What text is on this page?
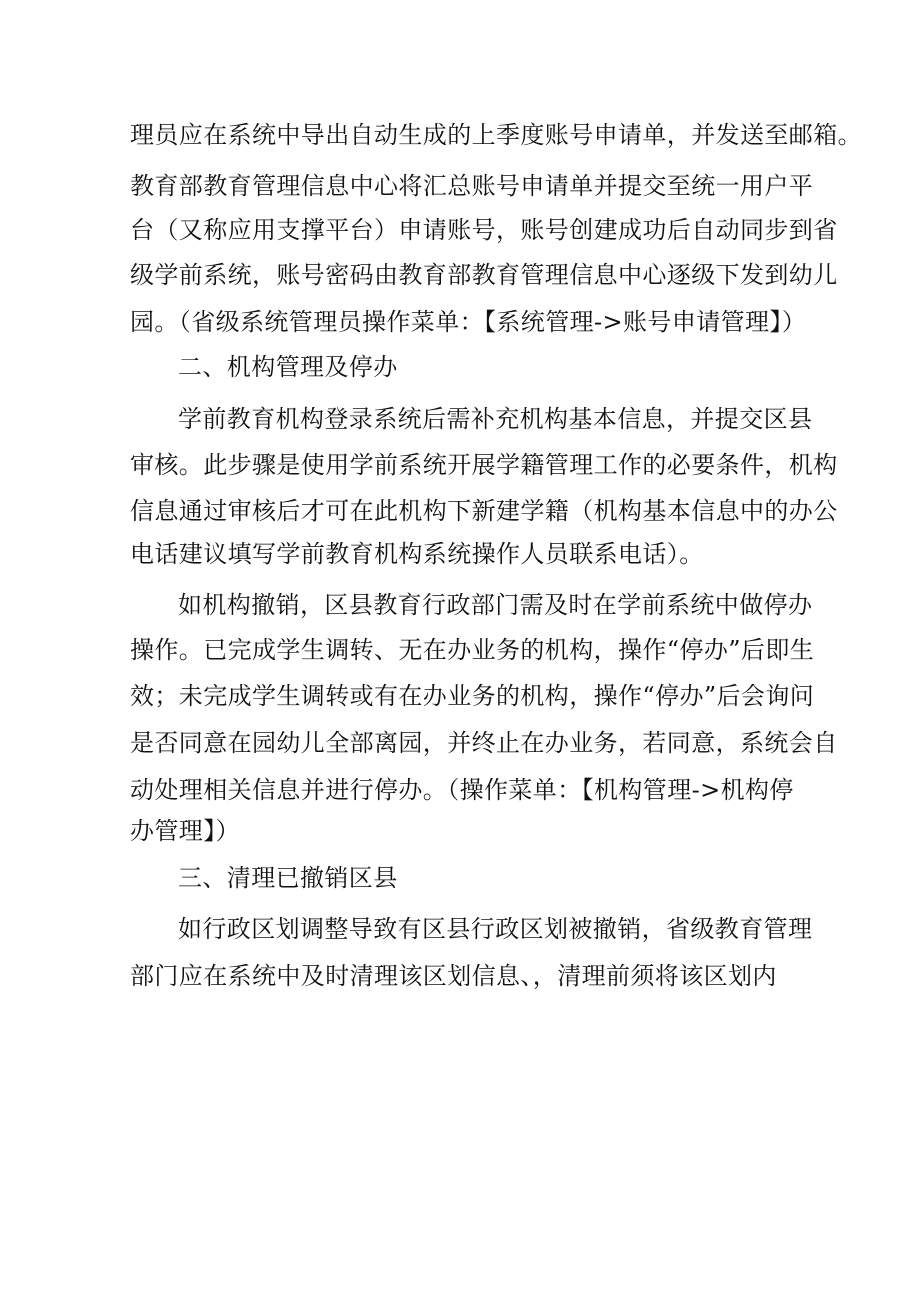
理员应在系统中导出自动生成的上季度账号申请单，并发送至邮箱。
教育部教育管理信息中心将汇总账号申请单并提交至统一用户平
台（又称应用支撑平台）申请账号，账号创建成功后自动同步到省
级学前系统，账号密码由教育部教育管理信息中心逐级下发到幼儿
园。（省级系统管理员操作菜单：【系统管理->账号申请管理】）
二、机构管理及停办
学前教育机构登录系统后需补充机构基本信息，并提交区县
审核。此步骤是使用学前系统开展学籍管理工作的必要条件，机构
信息通过审核后才可在此机构下新建学籍（机构基本信息中的办公
电话建议填写学前教育机构系统操作人员联系电话）。
如机构撤销，区县教育行政部门需及时在学前系统中做停办
操作。已完成学生调转、无在办业务的机构，操作“停办”后即生
效；未完成学生调转或有在办业务的机构，操作“停办”后会询问
是否同意在园幼儿全部离园，并终止在办业务，若同意，系统会自
动处理相关信息并进行停办。（操作菜单：【机构管理->机构停
办管理】）
三、清理已撤销区县
如行政区划调整导致有区县行政区划被撤销，省级教育管理
部门应在系统中及时清理该区划信息、，清理前须将该区划内
